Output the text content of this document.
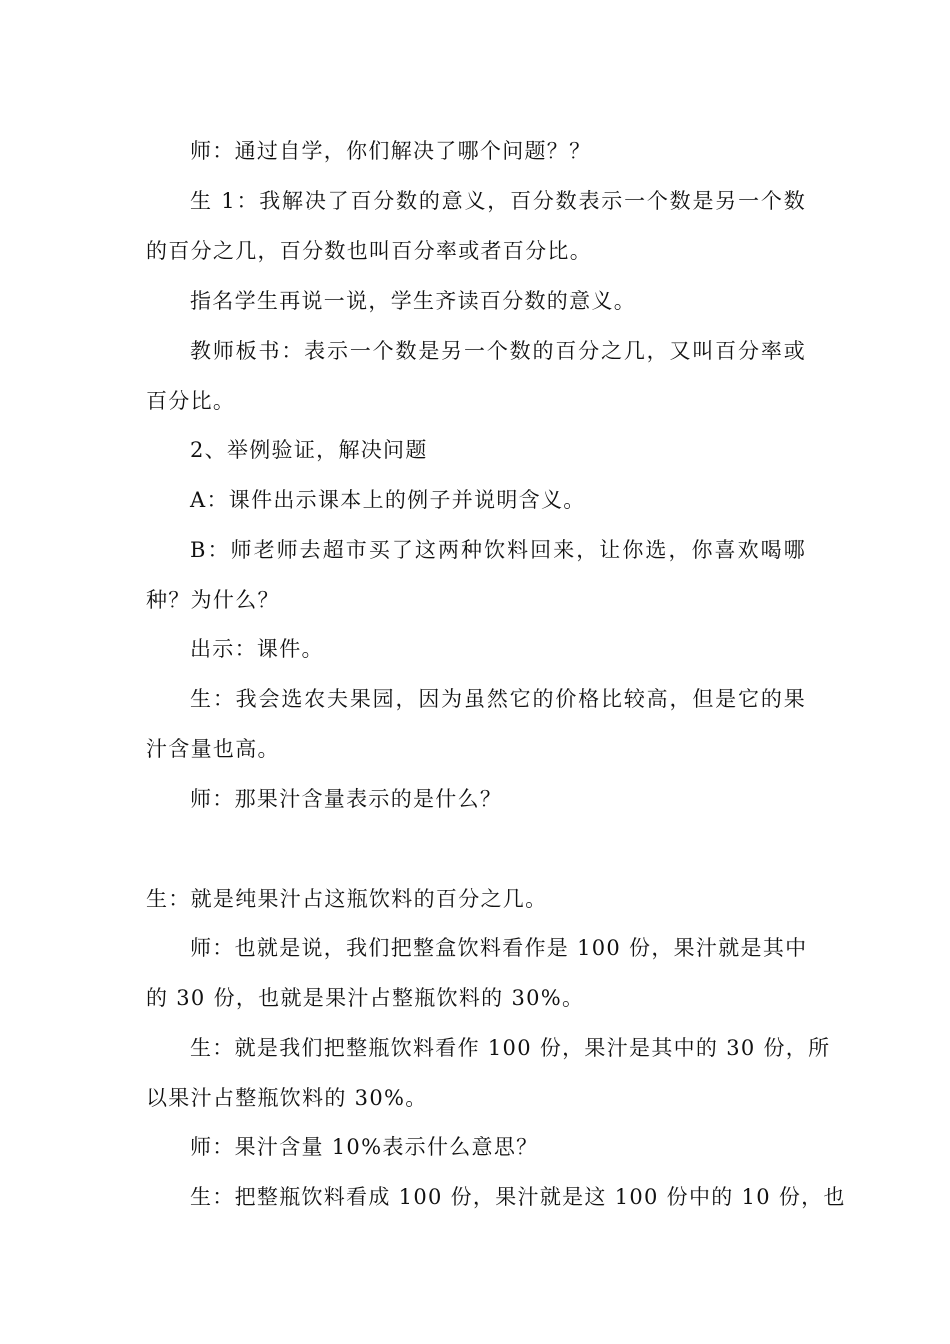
师：通过自学，你们解决了哪个问题？？
生 1：我解决了百分数的意义，百分数表示一个数是另一个数
的百分之几，百分数也叫百分率或者百分比。
指名学生再说一说，学生齐读百分数的意义。
教师板书：表示一个数是另一个数的百分之几，又叫百分率或
百分比。
2、举例验证，解决问题
A：课件出示课本上的例子并说明含义。
B：师老师去超市买了这两种饮料回来，让你选，你喜欢喝哪
种？为什么？
出示：课件。
生：我会选农夫果园，因为虽然它的价格比较高，但是它的果
汁含量也高。
师：那果汁含量表示的是什么？
生：就是纯果汁占这瓶饮料的百分之几。
师：也就是说，我们把整盒饮料看作是 100 份，果汁就是其中
的 30 份，也就是果汁占整瓶饮料的 30%。
生：就是我们把整瓶饮料看作 100 份，果汁是其中的 30 份，所
以果汁占整瓶饮料的 30%。
师：果汁含量 10%表示什么意思？
生：把整瓶饮料看成 100 份，果汁就是这 100 份中的 10 份，也
